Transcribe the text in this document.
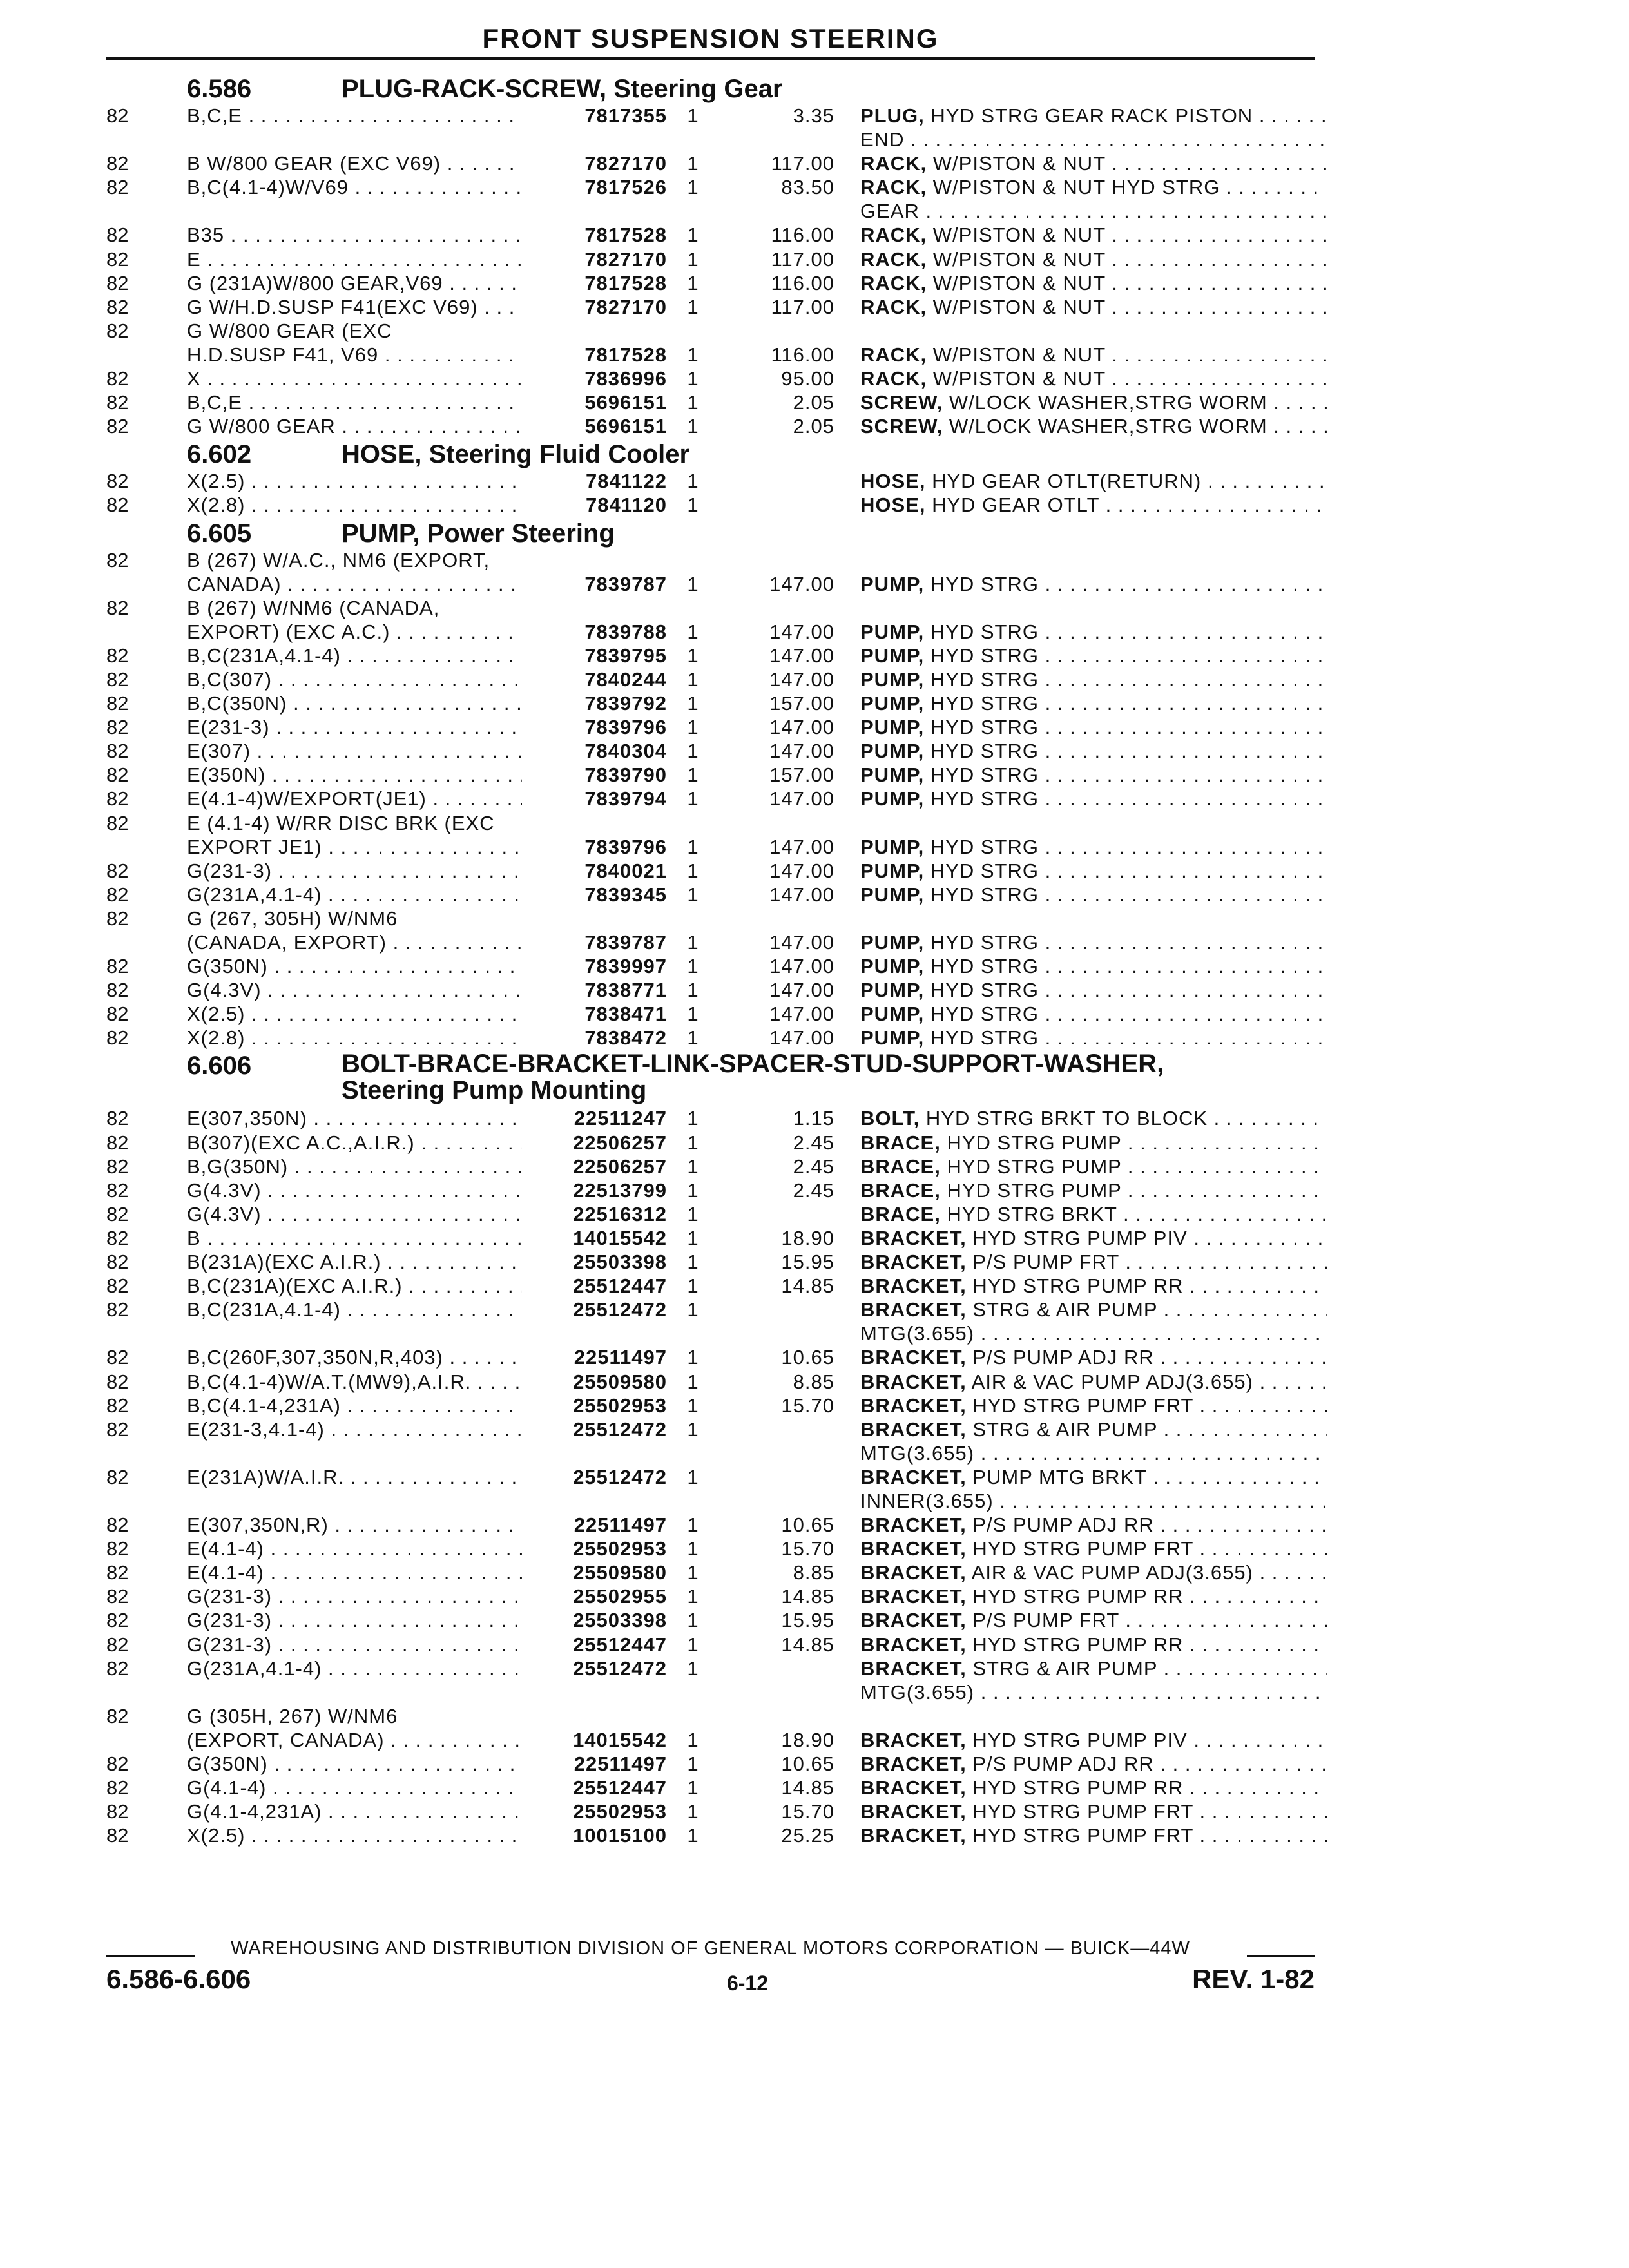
FRONT SUSPENSION STEERING
6.586	PLUG-RACK-SCREW, Steering Gear
82	B,C,E . . .	7817355 1	3.35 PLUG, HYD STRG GEAR RACK PISTON . . .
END . . .
82	B W/800 GEAR (EXC V69) . . .	7827170 1	117.00 RACK, W/PISTON & NUT . . .
82	B,C(4.1-4)W/V69 . . .	7817526 1	83.50 RACK, W/PISTON & NUT HYD STRG . . .
GEAR . . .
82	B35 . . .	7817528 1	116.00 RACK, W/PISTON & NUT . . .
82	E . . .	7827170 1	117.00 RACK, W/PISTON & NUT . . .
82	G (231A)W/800 GEAR,V69 . . .	7817528 1	116.00 RACK, W/PISTON & NUT . . .
82	G W/H.D.SUSP F41(EXC V69) . . .	7827170 1	117.00 RACK, W/PISTON & NUT . . .
82	G W/800 GEAR (EXC
H.D.SUSP F41, V69 . . .	7817528 1	116.00 RACK, W/PISTON & NUT . . .
82	X . . .	7836996 1	95.00 RACK, W/PISTON & NUT . . .
82	B,C,E . . .	5696151 1	2.05 SCREW, W/LOCK WASHER,STRG WORM . . .
82	G W/800 GEAR . . .	5696151 1	2.05 SCREW, W/LOCK WASHER,STRG WORM . . .
6.602	HOSE, Steering Fluid Cooler
82	X(2.5) . . .	7841122 1	HOSE, HYD GEAR OTLT(RETURN) . . .
82	X(2.8) . . .	7841120 1	HOSE, HYD GEAR OTLT . . .
6.605	PUMP, Power Steering
82	B (267) W/A.C., NM6 (EXPORT,
CANADA) . . .	7839787 1	147.00 PUMP, HYD STRG . . .
82	B (267) W/NM6 (CANADA,
EXPORT) (EXC A.C.) . . .	7839788 1	147.00 PUMP, HYD STRG . . .
82	B,C(231A,4.1-4) . . .	7839795 1	147.00 PUMP, HYD STRG . . .
82	B,C(307) . . .	7840244 1	147.00 PUMP, HYD STRG . . .
82	B,C(350N) . . .	7839792 1	157.00 PUMP, HYD STRG . . .
82	E(231-3) . . .	7839796 1	147.00 PUMP, HYD STRG . . .
82	E(307) . . .	7840304 1	147.00 PUMP, HYD STRG . . .
82	E(350N) . . .	7839790 1	157.00 PUMP, HYD STRG . . .
82	E(4.1-4)W/EXPORT(JE1) . . .	7839794 1	147.00 PUMP, HYD STRG . . .
82	E (4.1-4) W/RR DISC BRK (EXC
EXPORT JE1) . . .	7839796 1	147.00 PUMP, HYD STRG . . .
82	G(231-3) . . .	7840021 1	147.00 PUMP, HYD STRG . . .
82	G(231A,4.1-4) . . .	7839345 1	147.00 PUMP, HYD STRG . . .
82	G (267, 305H) W/NM6
(CANADA, EXPORT) . . .	7839787 1	147.00 PUMP, HYD STRG . . .
82	G(350N) . . .	7839997 1	147.00 PUMP, HYD STRG . . .
82	G(4.3V) . . .	7838771 1	147.00 PUMP, HYD STRG . . .
82	X(2.5) . . .	7838471 1	147.00 PUMP, HYD STRG . . .
82	X(2.8) . . .	7838472 1	147.00 PUMP, HYD STRG . . .
6.606	BOLT-BRACE-BRACKET-LINK-SPACER-STUD-SUPPORT-WASHER,
Steering Pump Mounting
82	E(307,350N) . . .	22511247 1	1.15 BOLT, HYD STRG BRKT TO BLOCK . . .
82	B(307)(EXC A.C.,A.I.R.) . . .	22506257 1	2.45 BRACE, HYD STRG PUMP . . .
82	B,G(350N) . . .	22506257 1	2.45 BRACE, HYD STRG PUMP . . .
82	G(4.3V) . . .	22513799 1	2.45 BRACE, HYD STRG PUMP . . .
82	G(4.3V) . . .	22516312 1	BRACE, HYD STRG BRKT . . .
82	B . . .	14015542 1	18.90 BRACKET, HYD STRG PUMP PIV . . .
82	B(231A)(EXC A.I.R.) . . .	25503398 1	15.95 BRACKET, P/S PUMP FRT . . .
82	B,C(231A)(EXC A.I.R.) . . .	25512447 1	14.85 BRACKET, HYD STRG PUMP RR . . .
82	B,C(231A,4.1-4) . . .	25512472 1	BRACKET, STRG & AIR PUMP . . .
MTG(3.655) . . .
82	B,C(260F,307,350N,R,403) . . .	22511497 1	10.65 BRACKET, P/S PUMP ADJ RR . . .
82	B,C(4.1-4)W/A.T.(MW9),A.I.R. . . .	25509580 1	8.85 BRACKET, AIR & VAC PUMP ADJ(3.655) . . .
82	B,C(4.1-4,231A) . . .	25502953 1	15.70 BRACKET, HYD STRG PUMP FRT . . .
82	E(231-3,4.1-4) . . .	25512472 1	BRACKET, STRG & AIR PUMP . . .
MTG(3.655) . . .
82	E(231A)W/A.I.R. . . .	25512472 1	BRACKET, PUMP MTG BRKT . . .
INNER(3.655) . . .
82	E(307,350N,R) . . .	22511497 1	10.65 BRACKET, P/S PUMP ADJ RR . . .
82	E(4.1-4) . . .	25502953 1	15.70 BRACKET, HYD STRG PUMP FRT . . .
82	E(4.1-4) . . .	25509580 1	8.85 BRACKET, AIR & VAC PUMP ADJ(3.655) . . .
82	G(231-3) . . .	25502955 1	14.85 BRACKET, HYD STRG PUMP RR . . .
82	G(231-3) . . .	25503398 1	15.95 BRACKET, P/S PUMP FRT . . .
82	G(231-3) . . .	25512447 1	14.85 BRACKET, HYD STRG PUMP RR . . .
82	G(231A,4.1-4) . . .	25512472 1	BRACKET, STRG & AIR PUMP . . .
MTG(3.655) . . .
82	G (305H, 267) W/NM6
(EXPORT, CANADA) . . .	14015542 1	18.90 BRACKET, HYD STRG PUMP PIV . . .
82	G(350N) . . .	22511497 1	10.65 BRACKET, P/S PUMP ADJ RR . . .
82	G(4.1-4) . . .	25512447 1	14.85 BRACKET, HYD STRG PUMP RR . . .
82	G(4.1-4,231A) . . .	25502953 1	15.70 BRACKET, HYD STRG PUMP FRT . . .
82	X(2.5) . . .	10015100 1	25.25 BRACKET, HYD STRG PUMP FRT . . .
WAREHOUSING AND DISTRIBUTION DIVISION OF GENERAL MOTORS CORPORATION — BUICK—44W
6.586-6.606	6-12	REV. 1-82
